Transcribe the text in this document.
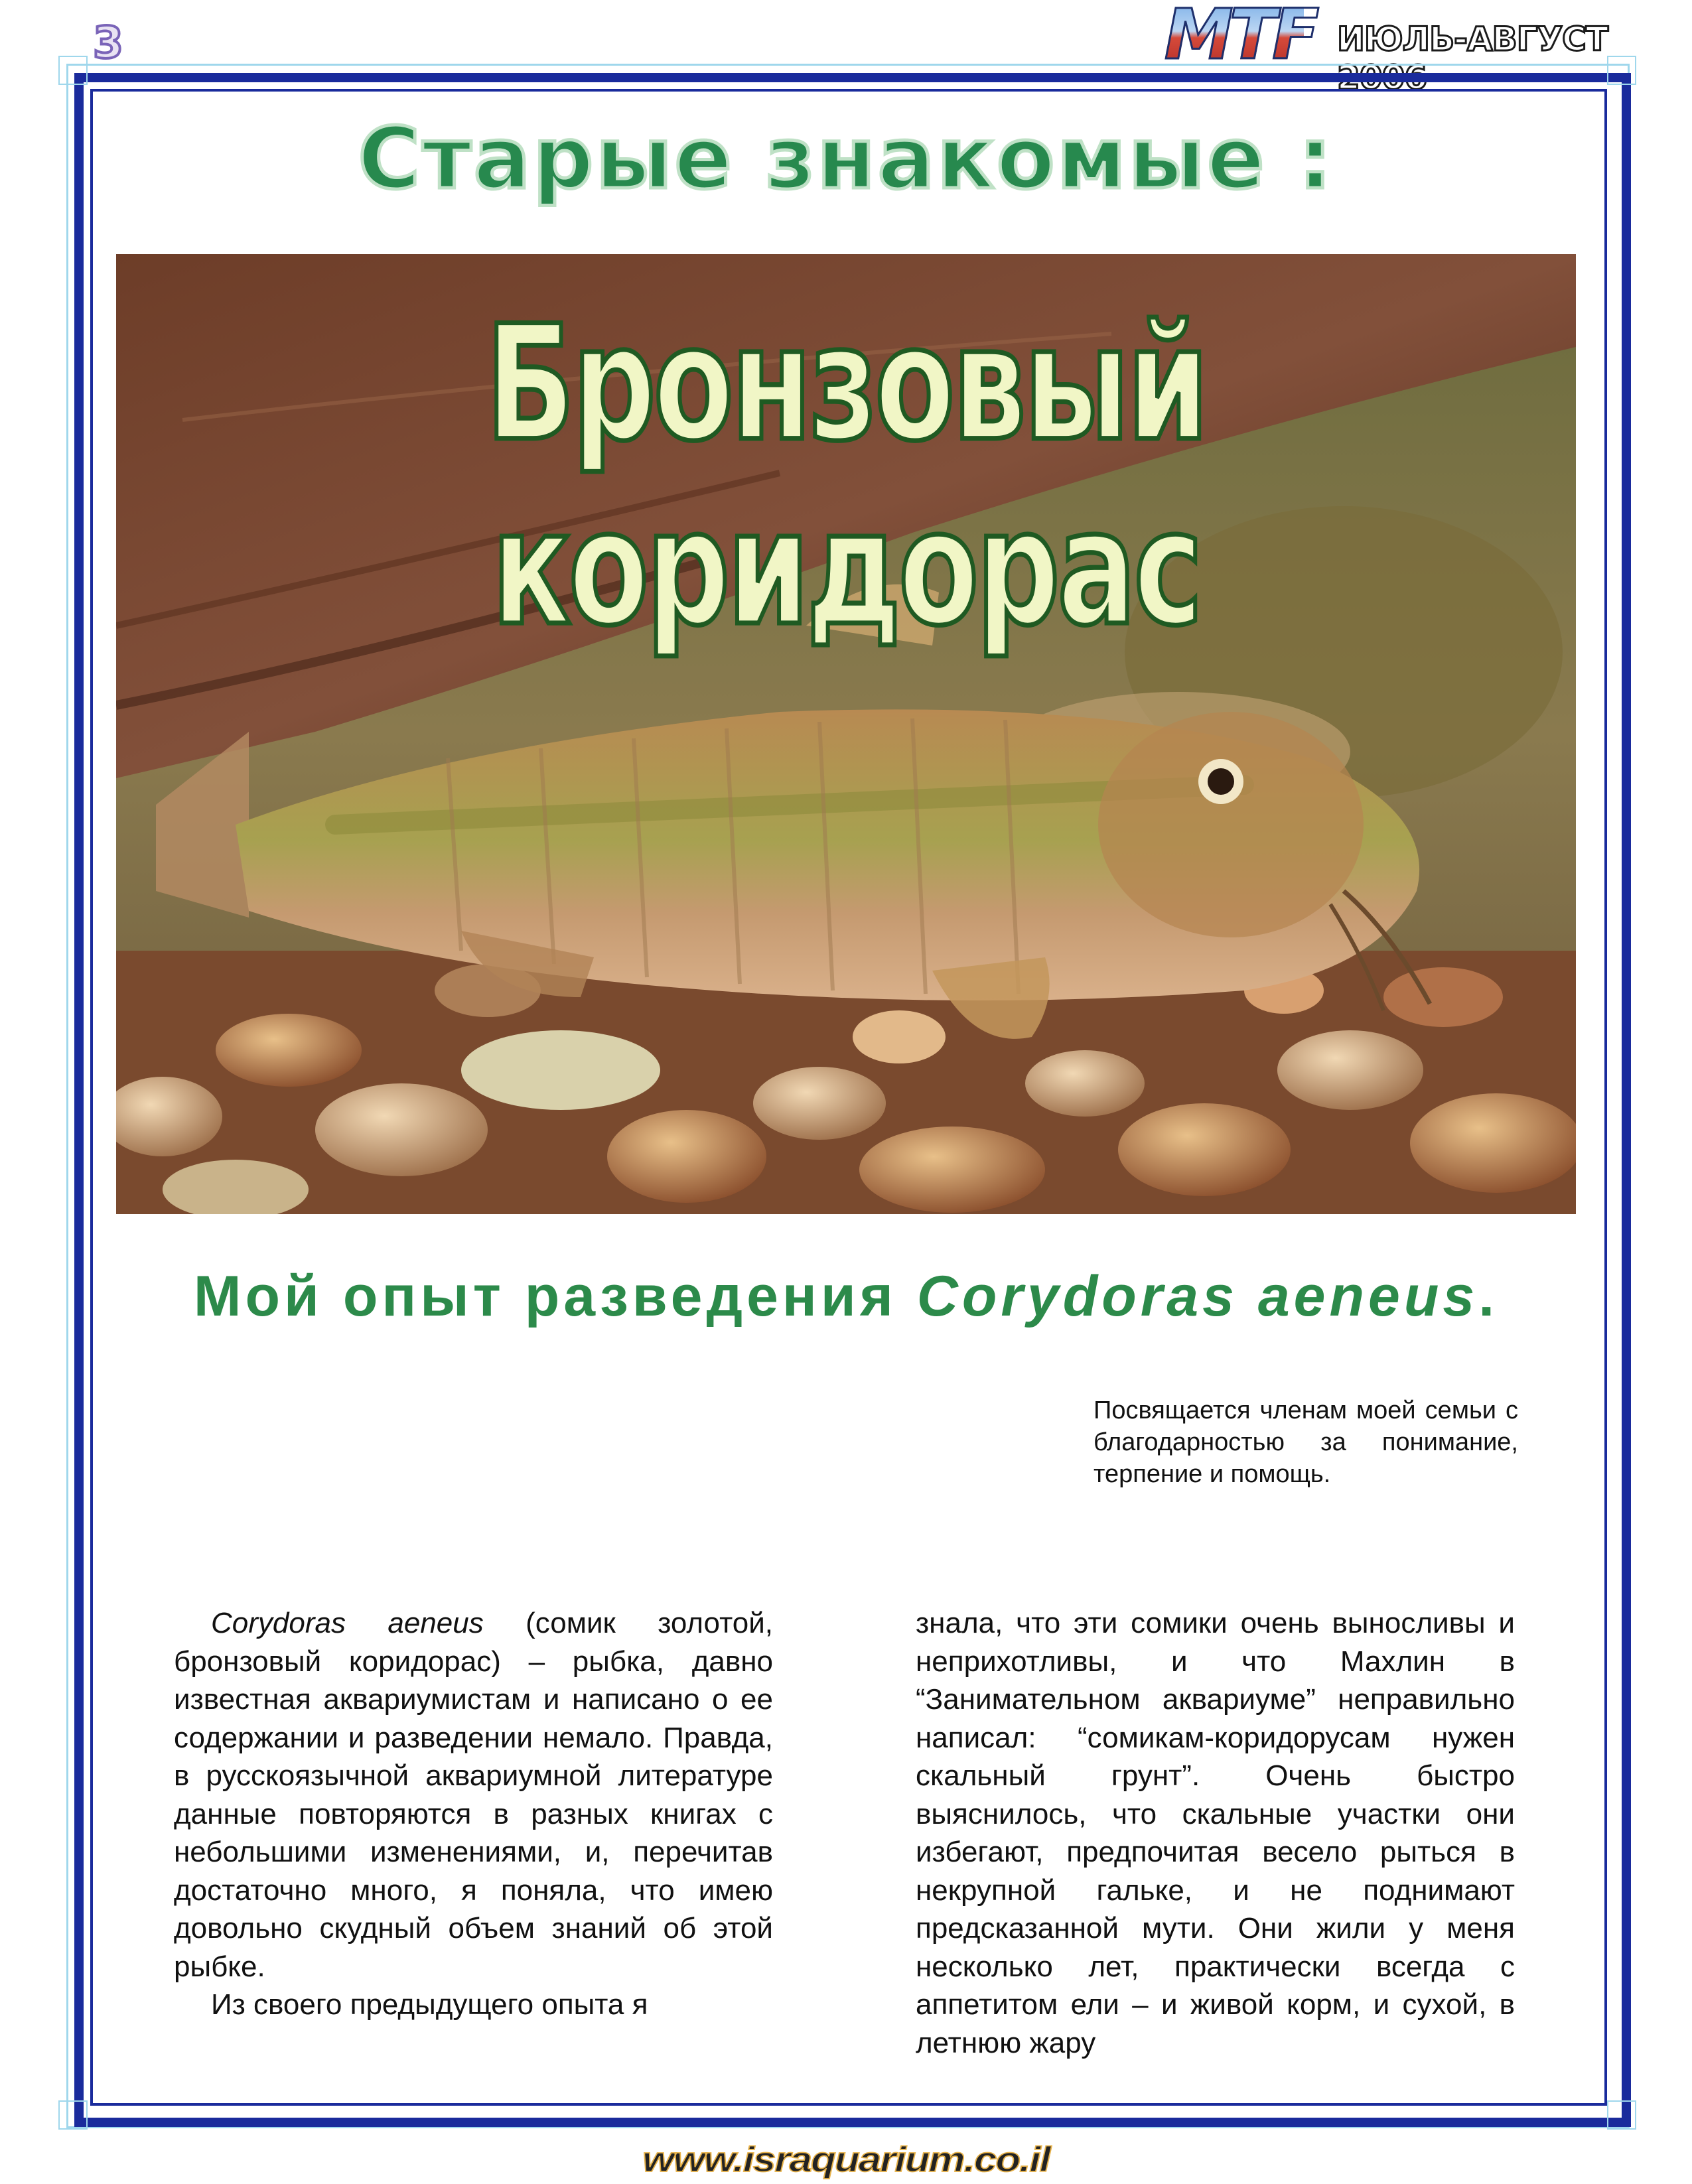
3	МТF ИЮЛЬ-АВГУСТ 2006
Старые знакомые :
Бронзовый коридорас
Мой опыт разведения Corydoras aeneus.
Посвящается членам моей семьи с благодарностью за понимание, терпение и помощь.

Corydoras aeneus (сомик золотой, бронзовый коридорас) – рыбка, давно известная аквариумистам и написано о ее содержании и разведении немало. Правда, в русскоязычной аквариумной литературе данные повторяются в разных книгах с небольшими изменениями, и, перечитав достаточно много, я поняла, что имею довольно скудный объем знаний об этой рыбке.

Из своего предыдущего опыта я

знала, что эти сомики очень выносливы и неприхотливы, и что Махлин в “Занимательном аквариуме” неправильно написал: “сомикам-коридорусам нужен скальный грунт”. Очень быстро выяснилось, что скальные участки они избегают, предпочитая весело рыться в некрупной гальке, и не поднимают предсказанной мути. Они жили у меня несколько лет, практически всегда с аппетитом ели – и живой корм, и сухой, в летнюю жару

www.israquarium.co.il
